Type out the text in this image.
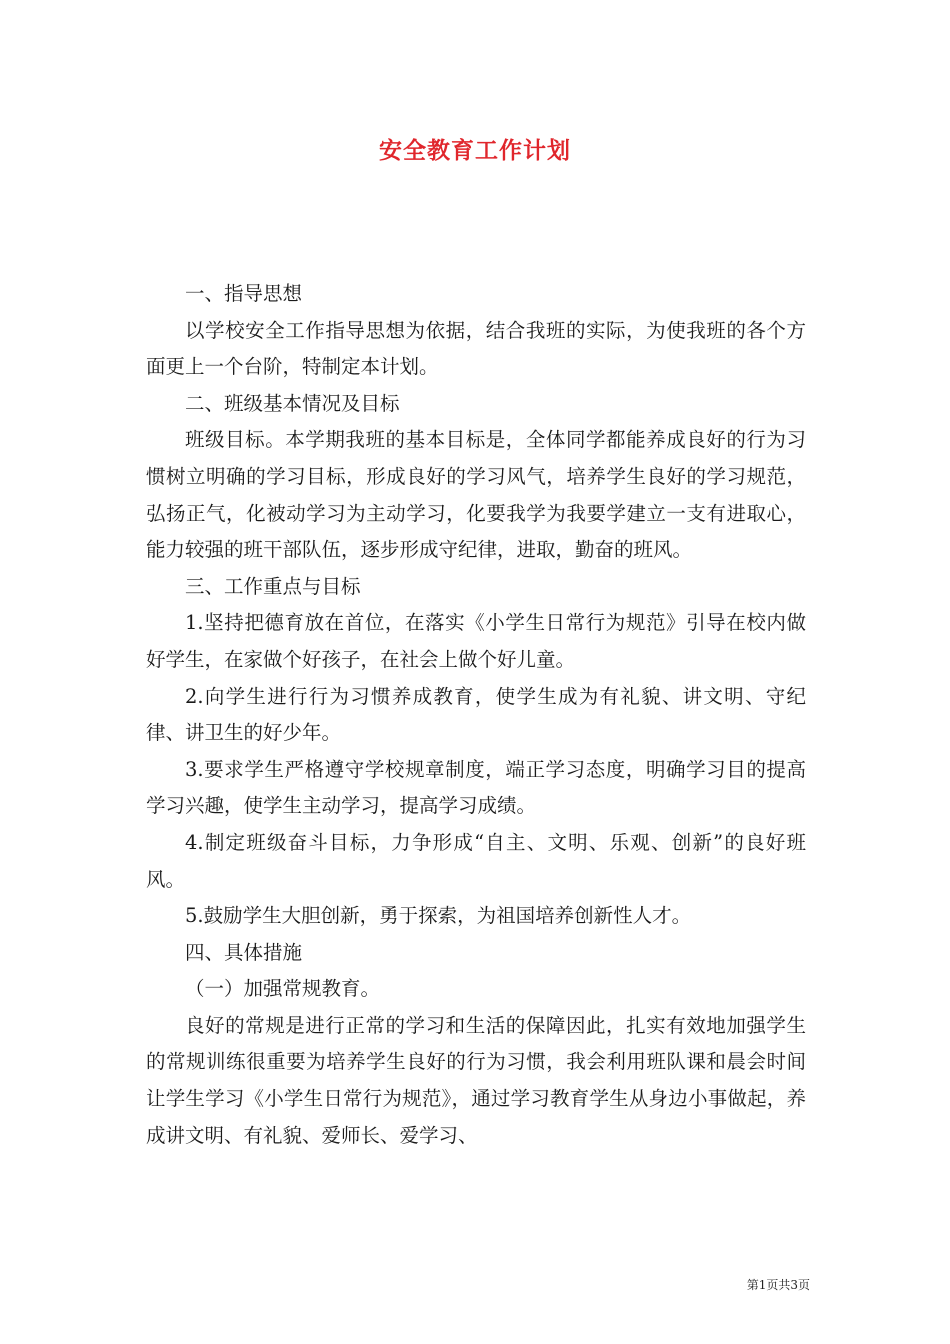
安全教育工作计划

一、指导思想

以学校安全工作指导思想为依据，结合我班的实际，为使我班的各个方面更上一个台阶，特制定本计划。

二、班级基本情况及目标

班级目标。本学期我班的基本目标是，全体同学都能养成良好的行为习惯树立明确的学习目标，形成良好的学习风气，培养学生良好的学习规范，弘扬正气，化被动学习为主动学习，化要我学为我要学建立一支有进取心，能力较强的班干部队伍，逐步形成守纪律，进取，勤奋的班风。

三、工作重点与目标

1.坚持把德育放在首位，在落实《小学生日常行为规范》引导在校内做好学生，在家做个好孩子，在社会上做个好儿童。

2.向学生进行行为习惯养成教育，使学生成为有礼貌、讲文明、守纪律、讲卫生的好少年。

3.要求学生严格遵守学校规章制度，端正学习态度，明确学习目的提高学习兴趣，使学生主动学习，提高学习成绩。

4.制定班级奋斗目标，力争形成“自主、文明、乐观、创新”的良好班风。

5.鼓励学生大胆创新，勇于探索，为祖国培养创新性人才。

四、具体措施

（一）加强常规教育。

良好的常规是进行正常的学习和生活的保障因此，扎实有效地加强学生的常规训练很重要为培养学生良好的行为习惯，我会利用班队课和晨会时间让学生学习《小学生日常行为规范》，通过学习教育学生从身边小事做起，养成讲文明、有礼貌、爱师长、爱学习、

第1页共3页
